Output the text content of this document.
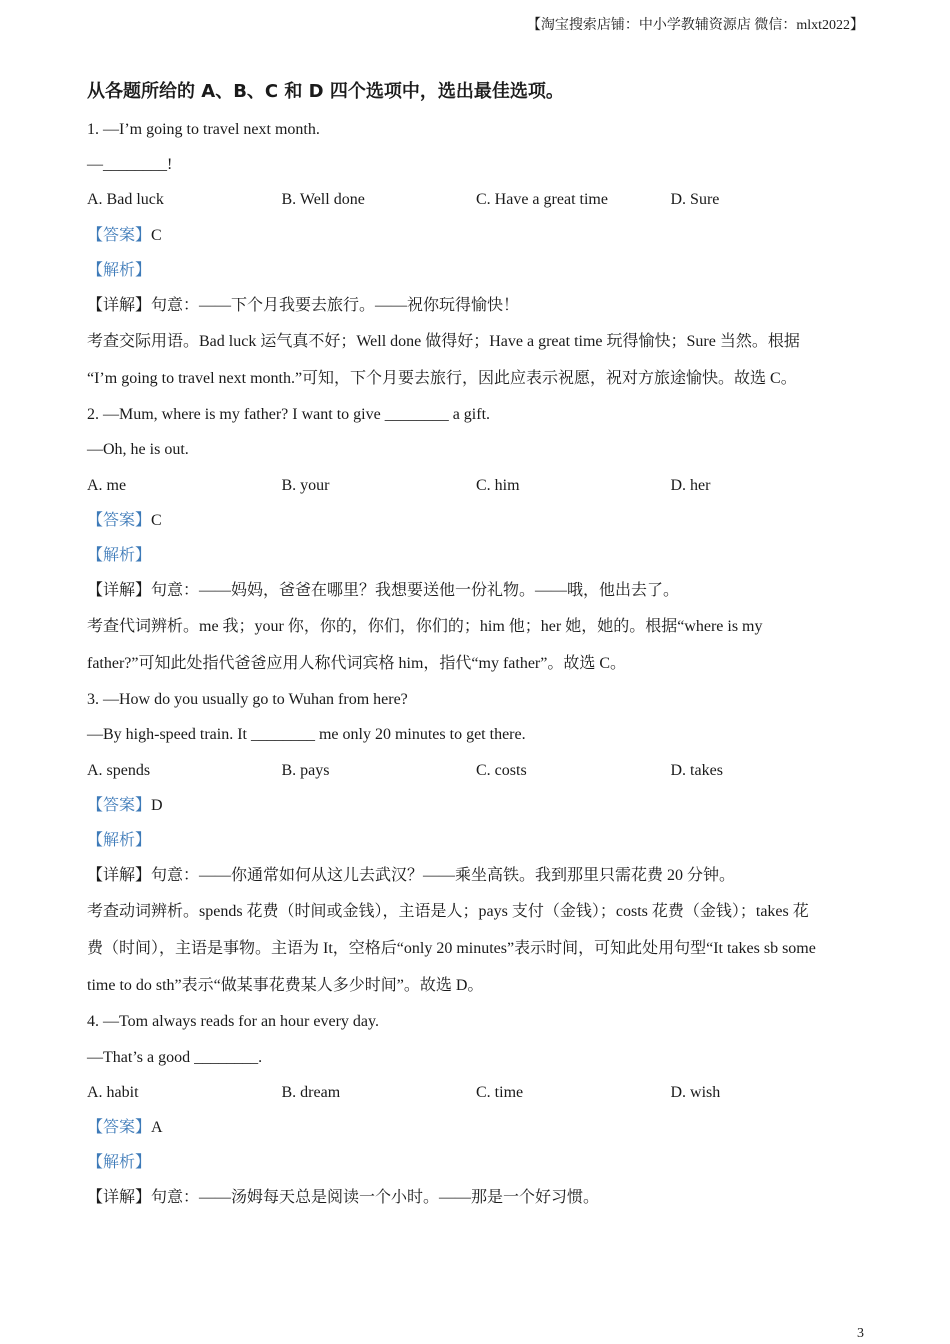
【淘宝搜索店铺：中小学教辅资源店 微信：mlxt2022】
从各题所给的 A、B、C 和 D 四个选项中，选出最佳选项。
1. —I’m going to travel next month.
—________!
A. Bad luck	B. Well done	C. Have a great time	D. Sure
【答案】C
【解析】
【详解】句意：——下个月我要去旅行。——祝你玩得愉快！
考查交际用语。Bad luck 运气真不好；Well done 做得好；Have a great time 玩得愉快；Sure 当然。根据
“I’m going to travel next month.”可知，下个月要去旅行，因此应表示祝愿，祝对方旅途愉快。故选 C。
2. —Mum, where is my father? I want to give ________ a gift.
—Oh, he is out.
A. me	B. your	C. him	D. her
【答案】C
【解析】
【详解】句意：——妈妈，爸爸在哪里？我想要送他一份礼物。——哦，他出去了。
考查代词辨析。me 我；your 你，你的，你们，你们的；him 他；her 她，她的。根据“where is my
father?”可知此处指代爸爸应用人称代词宾格 him，指代“my father”。故选 C。
3. —How do you usually go to Wuhan from here?
—By high-speed train. It ________ me only 20 minutes to get there.
A. spends	B. pays	C. costs	D. takes
【答案】D
【解析】
【详解】句意：——你通常如何从这儿去武汉？——乘坐高铁。我到那里只需花费 20 分钟。
考查动词辨析。spends 花费（时间或金钱），主语是人；pays 支付（金钱）；costs 花费（金钱）；takes 花
费（时间），主语是事物。主语为 It，空格后“only 20 minutes”表示时间，可知此处用句型“It takes sb some
time to do sth”表示“做某事花费某人多少时间”。故选 D。
4. —Tom always reads for an hour every day.
—That’s a good ________.
A. habit	B. dream	C. time	D. wish
【答案】A
【解析】
【详解】句意：——汤姆每天总是阅读一个小时。——那是一个好习惯。
3
